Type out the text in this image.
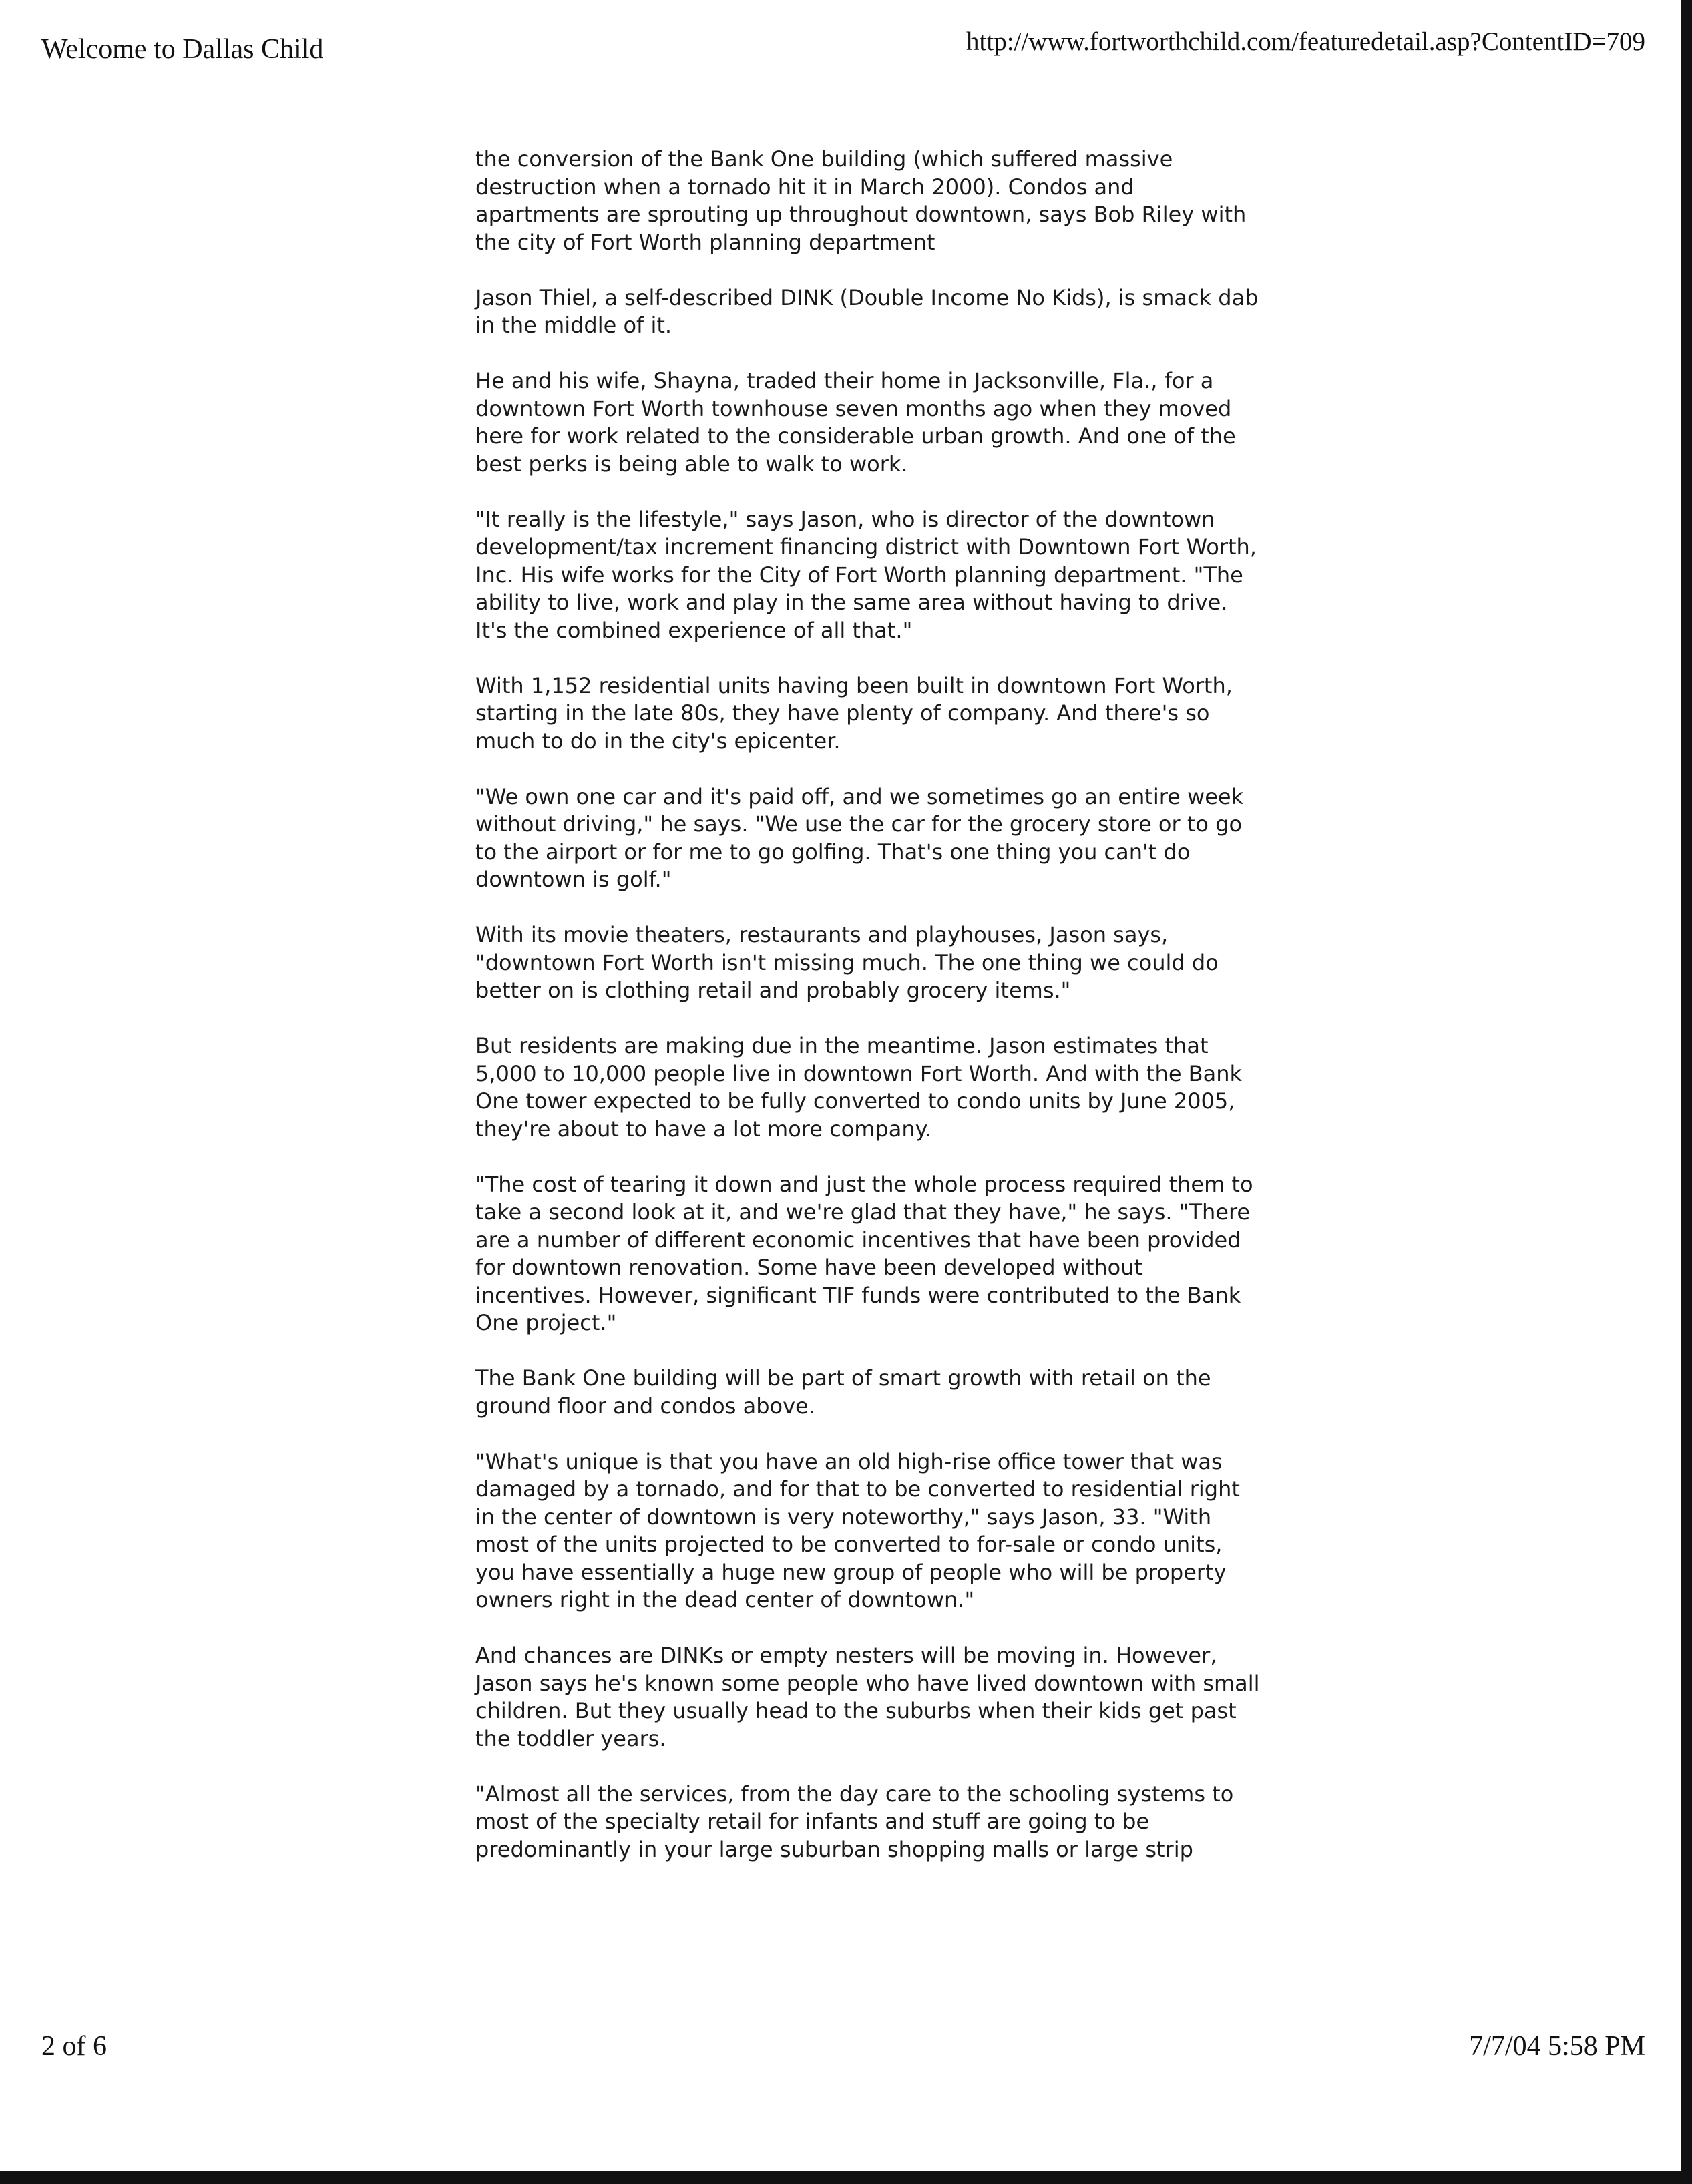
Welcome to Dallas Child	http://www.fortworthchild.com/featuredetail.asp?ContentID=709

the conversion of the Bank One building (which suffered massive destruction when a tornado hit it in March 2000). Condos and apartments are sprouting up throughout downtown, says Bob Riley with the city of Fort Worth planning department

Jason Thiel, a self-described DINK (Double Income No Kids), is smack dab in the middle of it.

He and his wife, Shayna, traded their home in Jacksonville, Fla., for a downtown Fort Worth townhouse seven months ago when they moved here for work related to the considerable urban growth. And one of the best perks is being able to walk to work.

"It really is the lifestyle," says Jason, who is director of the downtown development/tax increment financing district with Downtown Fort Worth, Inc. His wife works for the City of Fort Worth planning department. "The ability to live, work and play in the same area without having to drive. It's the combined experience of all that."

With 1,152 residential units having been built in downtown Fort Worth, starting in the late 80s, they have plenty of company. And there's so much to do in the city's epicenter.

"We own one car and it's paid off, and we sometimes go an entire week without driving," he says. "We use the car for the grocery store or to go to the airport or for me to go golfing. That's one thing you can't do downtown is golf."

With its movie theaters, restaurants and playhouses, Jason says, "downtown Fort Worth isn't missing much. The one thing we could do better on is clothing retail and probably grocery items."

But residents are making due in the meantime. Jason estimates that 5,000 to 10,000 people live in downtown Fort Worth. And with the Bank One tower expected to be fully converted to condo units by June 2005, they're about to have a lot more company.

"The cost of tearing it down and just the whole process required them to take a second look at it, and we're glad that they have," he says. "There are a number of different economic incentives that have been provided for downtown renovation. Some have been developed without incentives. However, significant TIF funds were contributed to the Bank One project."

The Bank One building will be part of smart growth with retail on the ground floor and condos above.

"What's unique is that you have an old high-rise office tower that was damaged by a tornado, and for that to be converted to residential right in the center of downtown is very noteworthy," says Jason, 33. "With most of the units projected to be converted to for-sale or condo units, you have essentially a huge new group of people who will be property owners right in the dead center of downtown."

And chances are DINKs or empty nesters will be moving in. However, Jason says he's known some people who have lived downtown with small children. But they usually head to the suburbs when their kids get past the toddler years.

"Almost all the services, from the day care to the schooling systems to most of the specialty retail for infants and stuff are going to be predominantly in your large suburban shopping malls or large strip

2 of 6	7/7/04 5:58 PM
